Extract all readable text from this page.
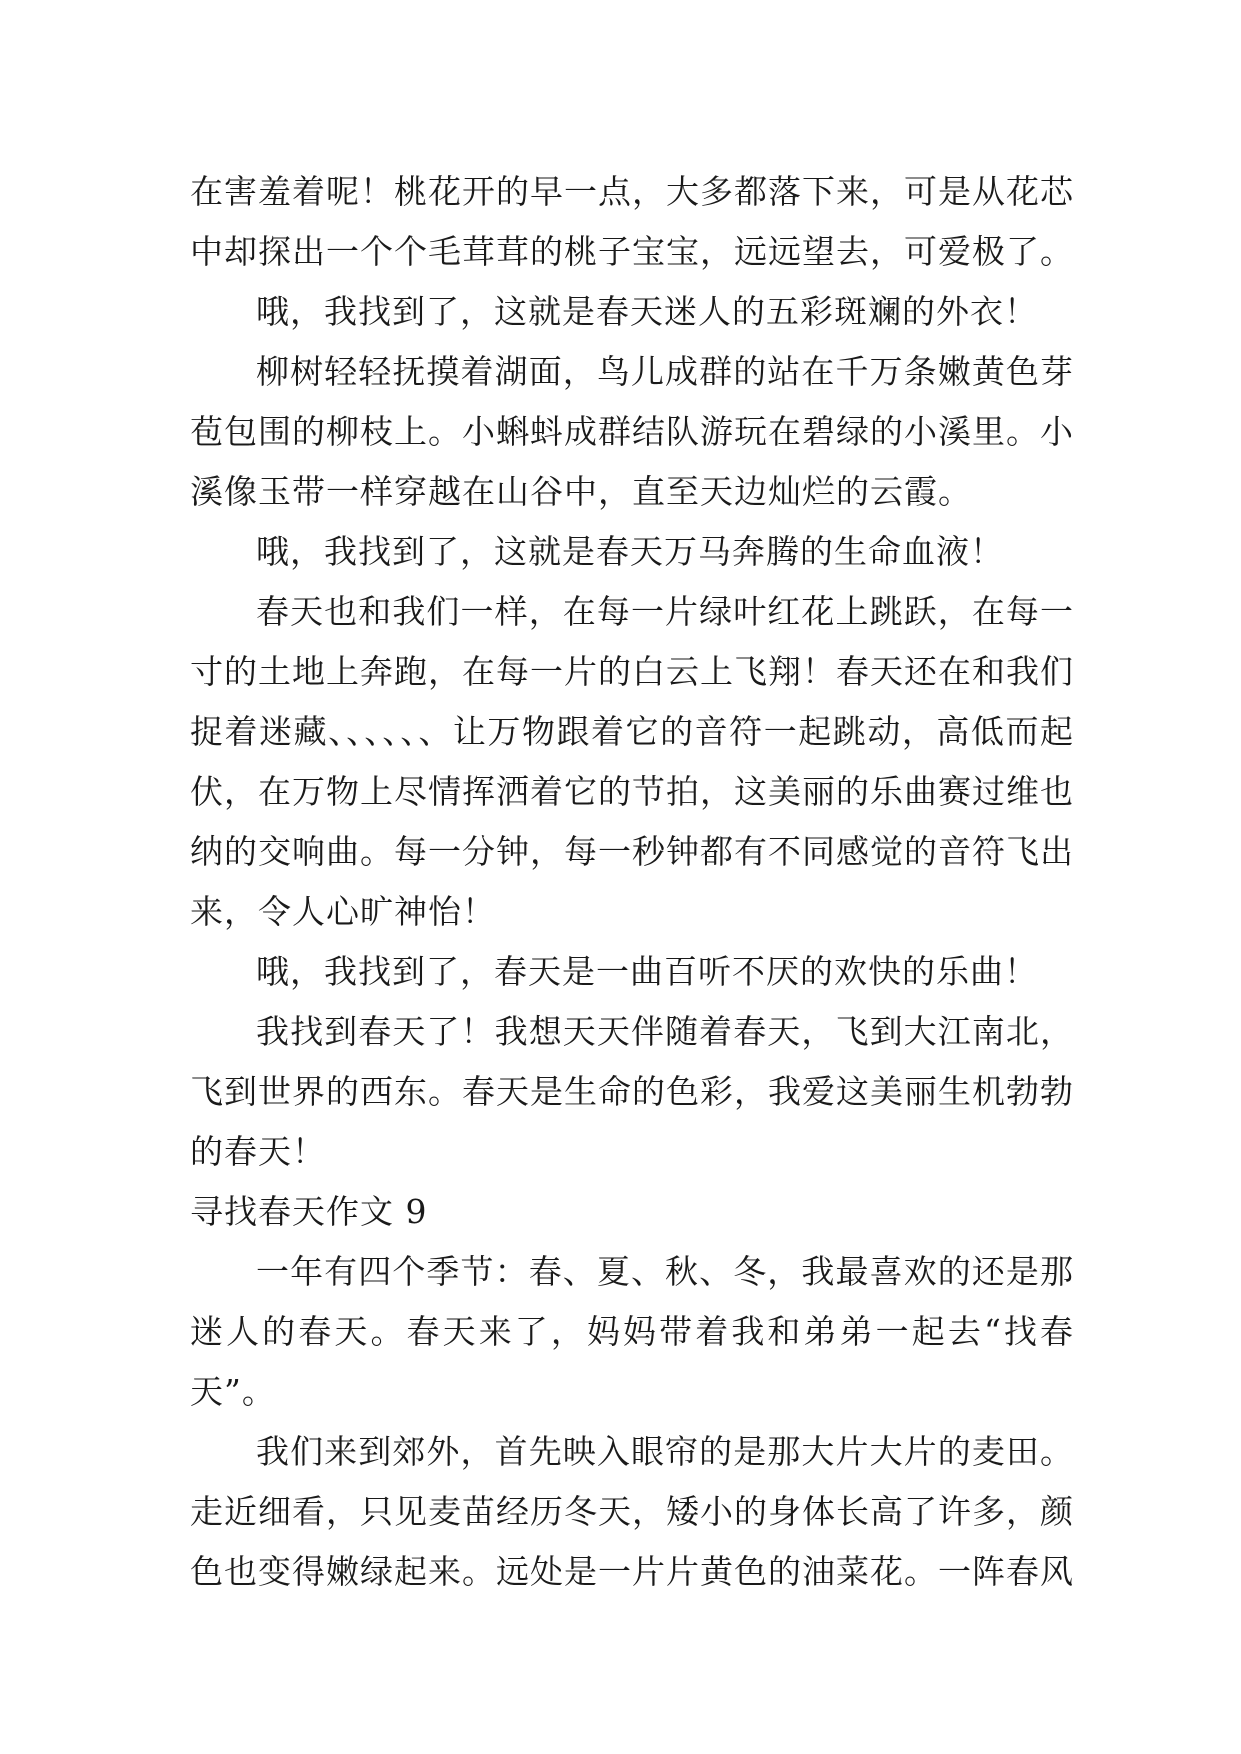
在害羞着呢！桃花开的早一点，大多都落下来，可是从花芯中却探出一个个毛茸茸的桃子宝宝，远远望去，可爱极了。

哦，我找到了，这就是春天迷人的五彩斑斓的外衣！

柳树轻轻抚摸着湖面，鸟儿成群的站在千万条嫩黄色芽苞包围的柳枝上。小蝌蚪成群结队游玩在碧绿的小溪里。小溪像玉带一样穿越在山谷中，直至天边灿烂的云霞。

哦，我找到了，这就是春天万马奔腾的生命血液！

春天也和我们一样，在每一片绿叶红花上跳跃，在每一寸的土地上奔跑，在每一片的白云上飞翔！春天还在和我们捉着迷藏、、、、、、让万物跟着它的音符一起跳动，高低而起伏，在万物上尽情挥洒着它的节拍，这美丽的乐曲赛过维也纳的交响曲。每一分钟，每一秒钟都有不同感觉的音符飞出来，令人心旷神怡！

哦，我找到了，春天是一曲百听不厌的欢快的乐曲！

我找到春天了！我想天天伴随着春天，飞到大江南北，飞到世界的西东。春天是生命的色彩，我爱这美丽生机勃勃的春天！

寻找春天作文 9

一年有四个季节：春、夏、秋、冬，我最喜欢的还是那迷人的春天。春天来了，妈妈带着我和弟弟一起去“找春天”。

我们来到郊外，首先映入眼帘的是那大片大片的麦田。走近细看，只见麦苗经历冬天，矮小的身体长高了许多，颜色也变得嫩绿起来。远处是一片片黄色的油菜花。一阵春风
